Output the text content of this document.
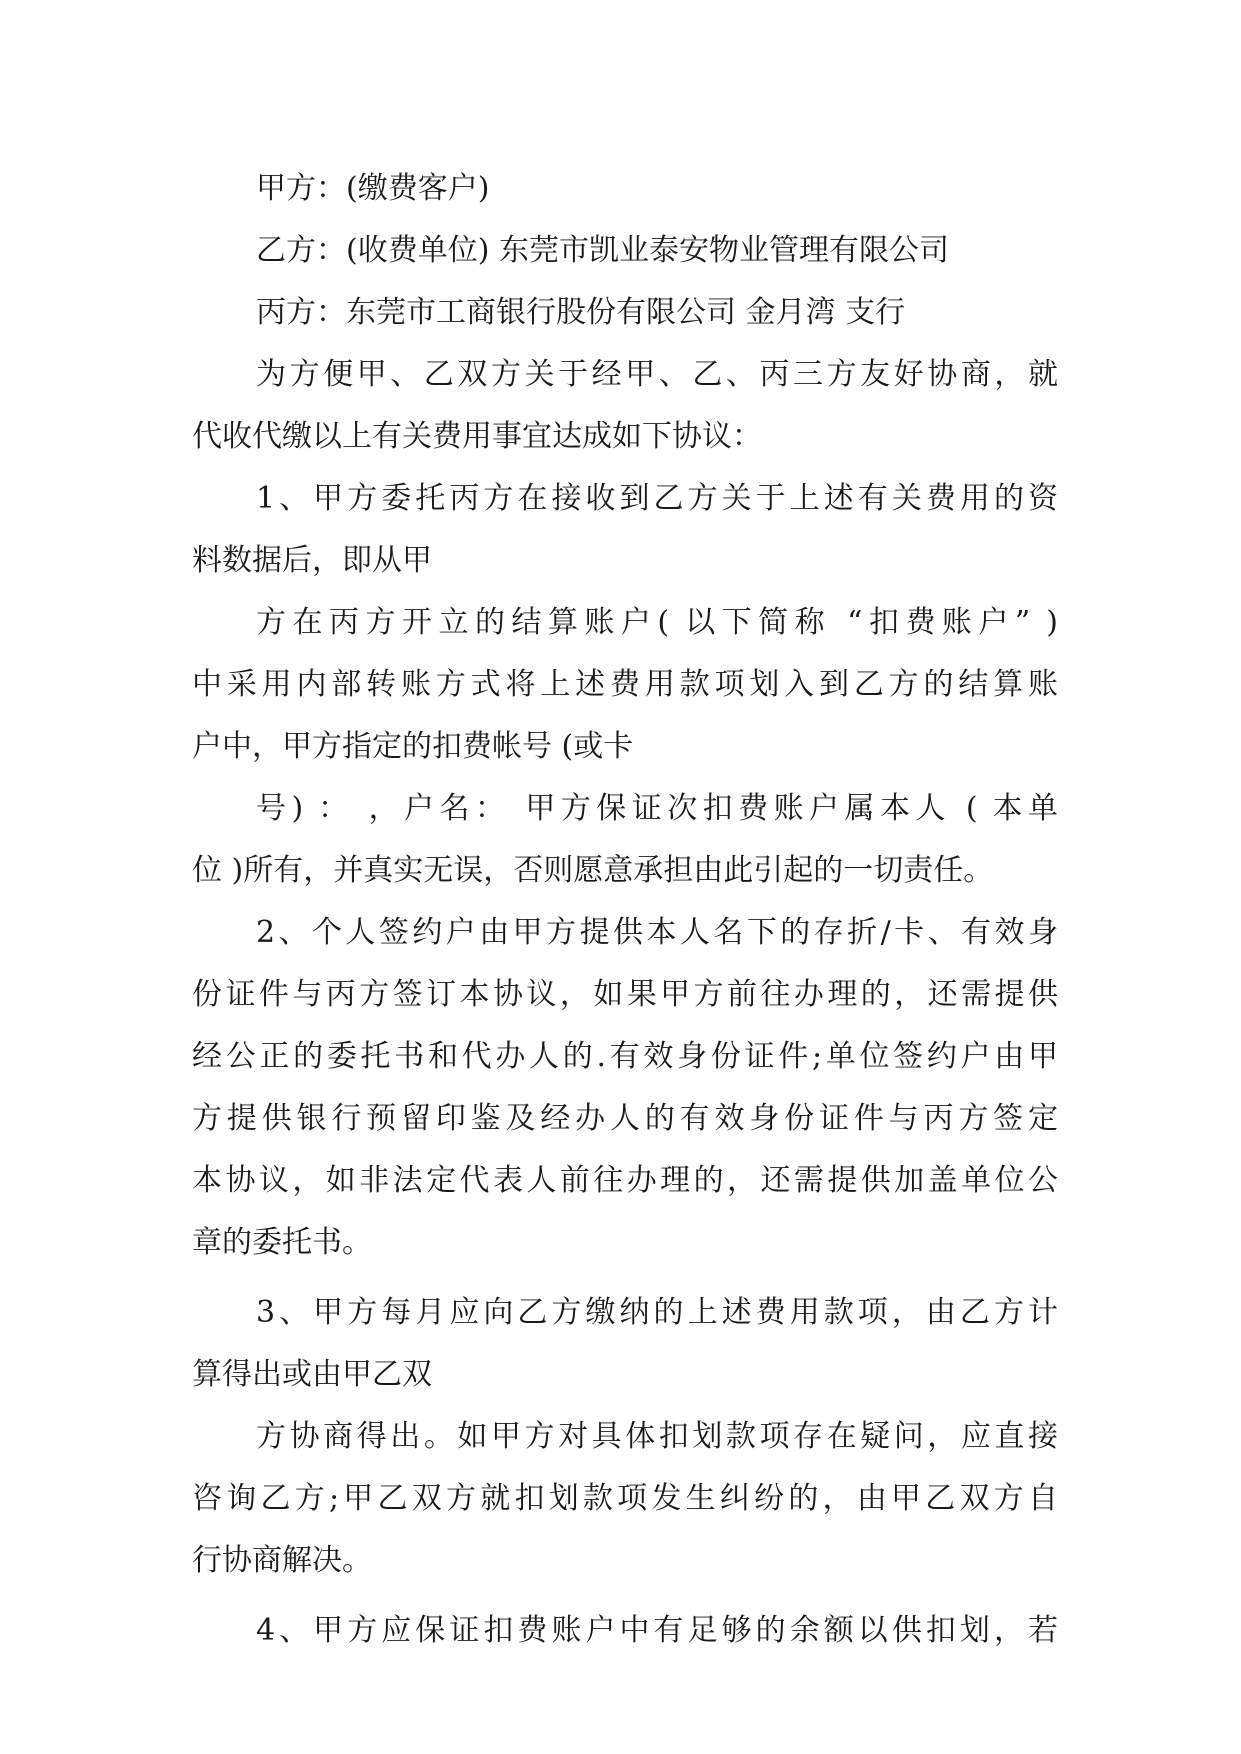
甲方：(缴费客户)
乙方：(收费单位) 东莞市凯业泰安物业管理有限公司
丙方：东莞市工商银行股份有限公司 金月湾 支行
为方便甲、乙双方关于经甲、乙、丙三方友好协商，就
代收代缴以上有关费用事宜达成如下协议：
1、甲方委托丙方在接收到乙方关于上述有关费用的资
料数据后，即从甲
方在丙方开立的结算账户( 以下简称 “扣费账户” )
中采用内部转账方式将上述费用款项划入到乙方的结算账
户中，甲方指定的扣费帐号 (或卡
号) ： ，户名： 甲方保证次扣费账户属本人 ( 本单
位 )所有，并真实无误，否则愿意承担由此引起的一切责任。
2、个人签约户由甲方提供本人名下的存折/卡、有效身
份证件与丙方签订本协议，如果甲方前往办理的，还需提供
经公正的委托书和代办人的.有效身份证件;单位签约户由甲
方提供银行预留印鉴及经办人的有效身份证件与丙方签定
本协议，如非法定代表人前往办理的，还需提供加盖单位公
章的委托书。
3、甲方每月应向乙方缴纳的上述费用款项，由乙方计
算得出或由甲乙双
方协商得出。如甲方对具体扣划款项存在疑问，应直接
咨询乙方;甲乙双方就扣划款项发生纠纷的，由甲乙双方自
行协商解决。
4、甲方应保证扣费账户中有足够的余额以供扣划，若
